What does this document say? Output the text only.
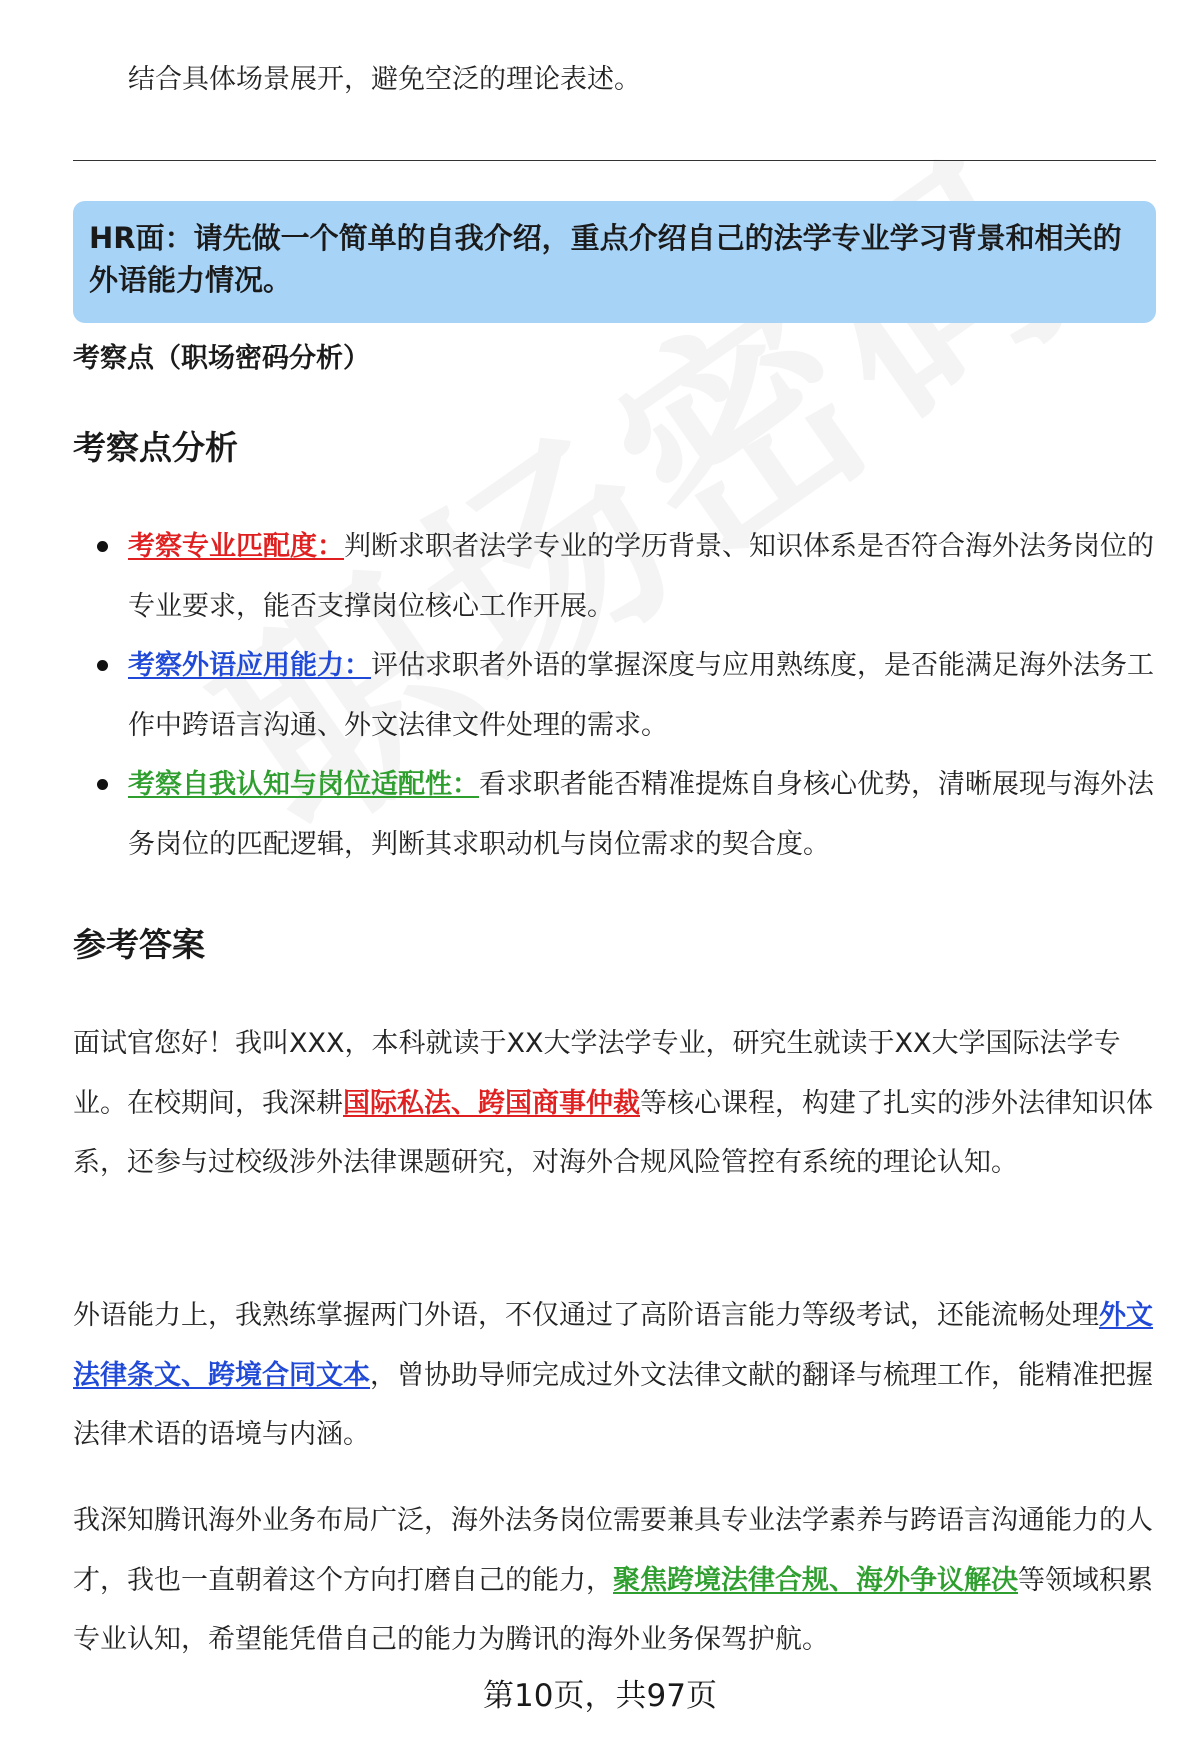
结合具体场景展开，避免空泛的理论表述。

HR面：请先做一个简单的自我介绍，重点介绍自己的法学专业学习背景和相关的外语能力情况。
考察点（职场密码分析）
考察点分析
考察专业匹配度：判断求职者法学专业的学历背景、知识体系是否符合海外法务岗位的专业要求，能否支撑岗位核心工作开展。
考察外语应用能力：评估求职者外语的掌握深度与应用熟练度，是否能满足海外法务工作中跨语言沟通、外文法律文件处理的需求。
考察自我认知与岗位适配性：看求职者能否精准提炼自身核心优势，清晰展现与海外法务岗位的匹配逻辑，判断其求职动机与岗位需求的契合度。
参考答案

面试官您好！我叫XXX，本科就读于XX大学法学专业，研究生就读于XX大学国际法学专业。在校期间，我深耕国际私法、跨国商事仲裁等核心课程，构建了扎实的涉外法律知识体系，还参与过校级涉外法律课题研究，对海外合规风险管控有系统的理论认知。

外语能力上，我熟练掌握两门外语，不仅通过了高阶语言能力等级考试，还能流畅处理外文法律条文、跨境合同文本，曾协助导师完成过外文法律文献的翻译与梳理工作，能精准把握法律术语的语境与内涵。

我深知腾讯海外业务布局广泛，海外法务岗位需要兼具专业法学素养与跨语言沟通能力的人才，我也一直朝着这个方向打磨自己的能力，聚焦跨境法律合规、海外争议解决等领域积累专业认知，希望能凭借自己的能力为腾讯的海外业务保驾护航。

第10页，共97页
